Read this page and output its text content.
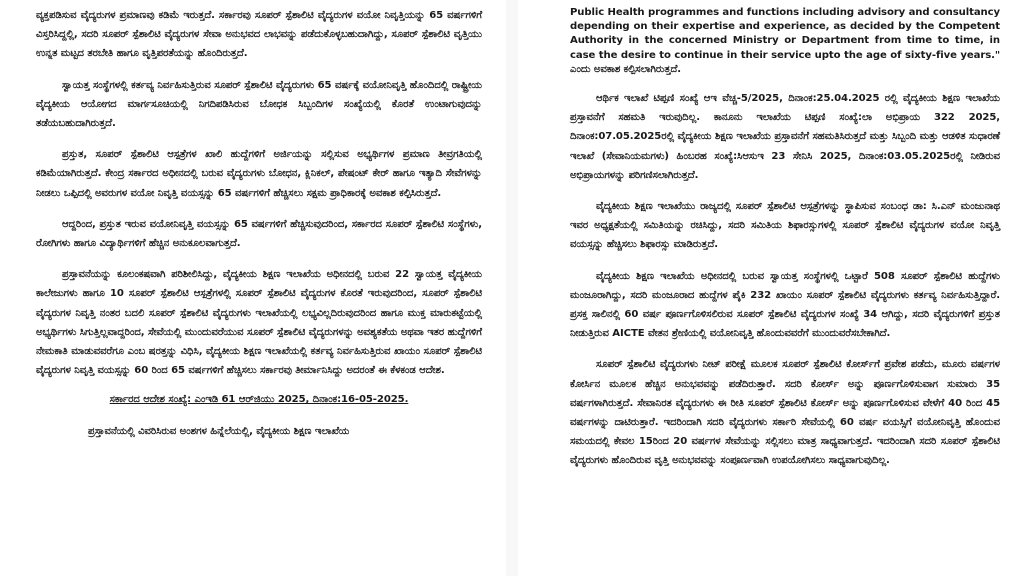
ವ್ಯಕ್ತಪಡಿಸುವ ವೈದ್ಯರುಗಳ ಪ್ರಮಾಣವು ಕಡಿಮೆ ಇರುತ್ತದೆ. ಸರ್ಕಾರವು ಸೂಪರ್ ಸ್ಪೆಶಾಲಿಟಿ ವೈದ್ಯರುಗಳ ವಯೋ ನಿವೃತ್ತಿಯನ್ನು 65 ವರ್ಷಗಳಿಗೆ ವಿಸ್ತರಿಸಿದ್ದಲ್ಲಿ, ಸದರಿ ಸೂಪರ್ ಸ್ಪೆಶಾಲಿಟಿ ವೈದ್ಯರುಗಳ ಸೇವಾ ಅನುಭವದ ಲಾಭವನ್ನು ಪಡೆದುಕೊಳ್ಳಬಹುದಾಗಿದ್ದು, ಸೂಪರ್ ಸ್ಪೆಶಾಲಿಟಿ ವೃತ್ತಿಯು ಉನ್ನತ ಮಟ್ಟದ ತರಬೇತಿ ಹಾಗೂ ವೃತ್ತಿಪರತೆಯನ್ನು ಹೊಂದಿರುತ್ತದೆ.

ಸ್ವಾಯತ್ತ ಸಂಸ್ಥೆಗಳಲ್ಲಿ ಕರ್ತವ್ಯ ನಿರ್ವಹಿಸುತ್ತಿರುವ ಸೂಪರ್ ಸ್ಪೆಶಾಲಿಟಿ ವೈದ್ಯರುಗಳು 65 ವರ್ಷಕ್ಕೆ ವಯೋನಿವೃತ್ತಿ ಹೊಂದಿದಲ್ಲಿ ರಾಷ್ಟ್ರೀಯ ವೈದ್ಯಕೀಯ ಆಯೋಗದ ಮಾರ್ಗಸೂಚಿಯಲ್ಲಿ ನಿಗದಿಪಡಿಸಿರುವ ಬೋಧಕ ಸಿಬ್ಬಂದಿಗಳ ಸಂಖ್ಯೆಯಲ್ಲಿ ಕೊರತೆ ಉಂಟಾಗುವುದನ್ನು ತಡೆಯಬಹುದಾಗಿರುತ್ತದೆ.

ಪ್ರಸ್ತುತ, ಸೂಪರ್ ಸ್ಪೆಶಾಲಿಟಿ ಆಸ್ಪತ್ರೆಗಳ ಖಾಲಿ ಹುದ್ದೆಗಳಿಗೆ ಅರ್ಜಿಯನ್ನು ಸಲ್ಲಿಸುವ ಅಭ್ಯರ್ಥಿಗಳ ಪ್ರಮಾಣ ತೀವ್ರಗತಿಯಲ್ಲಿ ಕಡಿಮೆಯಾಗಿರುತ್ತದೆ. ಕೇಂದ್ರ ಸರ್ಕಾರದ ಅಧೀನದಲ್ಲಿ ಬರುವ ವೈದ್ಯರುಗಳು ಬೋಧನ, ಕ್ಲಿನಿಕಲ್, ಪೇಷಂಟ್ ಕೇರ್ ಹಾಗೂ ಇತ್ಯಾದಿ ಸೇವೆಗಳನ್ನು ನೀಡಲು ಒಪ್ಪಿದಲ್ಲಿ ಅವರುಗಳ ವಯೋ ನಿವೃತ್ತಿ ವಯಸ್ಸನ್ನು 65 ವರ್ಷಗಳಿಗೆ ಹೆಚ್ಚಿಸಲು ಸಕ್ಷಮ ಪ್ರಾಧಿಕಾರಕ್ಕೆ ಅವಕಾಶ ಕಲ್ಪಿಸಿರುತ್ತದೆ.

ಆದ್ದರಿಂದ, ಪ್ರಸ್ತುತ ಇರುವ ವಯೋನಿವೃತ್ತಿ ವಯಸ್ಸನ್ನು 65 ವರ್ಷಗಳಿಗೆ ಹೆಚ್ಚಿಸುವುದರಿಂದ, ಸರ್ಕಾರದ ಸೂಪರ್ ಸ್ಪೆಶಾಲಿಟಿ ಸಂಸ್ಥೆಗಳು, ರೋಗಿಗಳು ಹಾಗೂ ವಿದ್ಯಾರ್ಥಿಗಳಿಗೆ ಹೆಚ್ಚಿನ ಅನುಕೂಲವಾಗುತ್ತದೆ.

ಪ್ರಸ್ತಾವನೆಯನ್ನು ಕೂಲಂಕಷವಾಗಿ ಪರಿಶೀಲಿಸಿದ್ದು, ವೈದ್ಯಕೀಯ ಶಿಕ್ಷಣ ಇಲಾಖೆಯ ಅಧೀನದಲ್ಲಿ ಬರುವ 22 ಸ್ವಾಯತ್ತ ವೈದ್ಯಕೀಯ ಕಾಲೇಜುಗಳು ಹಾಗೂ 10 ಸೂಪರ್ ಸ್ಪೆಶಾಲಿಟಿ ಆಸ್ಪತ್ರೆಗಳಲ್ಲಿ ಸೂಪರ್ ಸ್ಪೆಶಾಲಿಟಿ ವೈದ್ಯರುಗಳ ಕೊರತೆ ಇರುವುದರಿಂದ, ಸೂಪರ್ ಸ್ಪೆಶಾಲಿಟಿ ವೈದ್ಯರುಗಳ ನಿವೃತ್ತಿ ನಂತರ ಬದಲಿ ಸೂಪರ್ ಸ್ಪೆಶಾಲಿಟಿ ವೈದ್ಯರುಗಳು ಇಲಾಖೆಯಲ್ಲಿ ಲಭ್ಯವಿಲ್ಲದಿರುವುದರಿಂದ ಹಾಗೂ ಮುಕ್ತ ಮಾರುಕಟ್ಟೆಯಲ್ಲಿ ಅಭ್ಯರ್ಥಿಗಳು ಸಿಗುತ್ತಿಲ್ಲವಾದ್ದರಿಂದ, ಸೇವೆಯಲ್ಲಿ ಮುಂದುವರೆಯುವ ಸೂಪರ್ ಸ್ಪೆಶಾಲಿಟಿ ವೈದ್ಯರುಗಳನ್ನು ಅವಶ್ಯಕತೆಯ ಅಥವಾ ಇತರ ಹುದ್ದೆಗಳಿಗೆ ನೇಮಕಾತಿ ಮಾಡುವವರೆಗೂ ಎಂಬ ಷರತ್ತನ್ನು ವಿಧಿಸಿ, ವೈದ್ಯಕೀಯ ಶಿಕ್ಷಣ ಇಲಾಖೆಯಲ್ಲಿ ಕರ್ತವ್ಯ ನಿರ್ವಹಿಸುತ್ತಿರುವ ಖಾಯಂ ಸೂಪರ್ ಸ್ಪೆಶಾಲಿಟಿ ವೈದ್ಯರುಗಳ ನಿವೃತ್ತಿ ವಯಸ್ಸನ್ನು 60 ರಿಂದ 65 ವರ್ಷಗಳಿಗೆ ಹೆಚ್ಚಿಸಲು ಸರ್ಕಾರವು ತೀರ್ಮಾನಿಸಿದ್ದು ಅದರಂತೆ ಈ ಕೆಳಕಂಡ ಆದೇಶ.

ಸರ್ಕಾರದ ಆದೇಶ ಸಂಖ್ಯೆ: ಎಂಇಡಿ 61 ಆರ್‌ಜಿಯು 2025, ದಿನಾಂಕ:16-05-2025.

ಪ್ರಸ್ತಾವನೆಯಲ್ಲಿ ವಿವರಿಸಿರುವ ಅಂಶಗಳ ಹಿನ್ನೆಲೆಯಲ್ಲಿ, ವೈದ್ಯಕೀಯ ಶಿಕ್ಷಣ ಇಲಾಖೆಯ

Public Health programmes and functions including advisory and consultancy depending on their expertise and experience, as decided by the Competent Authority in the concerned Ministry or Department from time to time, in case the desire to continue in their service upto the age of sixty-five years." ಎಂದು ಅವಕಾಶ ಕಲ್ಪಿಸಲಾಗಿರುತ್ತದೆ.

ಆರ್ಥಿಕ ಇಲಾಖೆ ಟಿಪ್ಪಣಿ ಸಂಖ್ಯೆ ಆಇ ವೆಚ್ಚ-5/2025, ದಿನಾಂಕ:25.04.2025 ರಲ್ಲಿ ವೈದ್ಯಕೀಯ ಶಿಕ್ಷಣ ಇಲಾಖೆಯ ಪ್ರಸ್ತಾವನೆಗೆ ಸಹಮತಿ ಇರುವುದಿಲ್ಲ. ಕಾನೂನು ಇಲಾಖೆಯ ಟಿಪ್ಪಣಿ ಸಂಖ್ಯೆ:ಲಾ ಅಭಿಪ್ರಾಯ 322 2025, ದಿನಾಂಕ:07.05.2025ರಲ್ಲಿ ವೈದ್ಯಕೀಯ ಶಿಕ್ಷಣ ಇಲಾಖೆಯ ಪ್ರಸ್ತಾವನೆಗೆ ಸಹಮತಿಸಿರುತ್ತದೆ ಮತ್ತು ಸಿಬ್ಬಂದಿ ಮತ್ತು ಆಡಳಿತ ಸುಧಾರಣೆ ಇಲಾಖೆ (ಸೇವಾನಿಯಮಗಳು) ಹಿಂಬರಹ ಸಂಖ್ಯೆ:ಸಿಆಸುಇ 23 ಸೇನಿಸಿ 2025, ದಿನಾಂಕ:03.05.2025ರಲ್ಲಿ ನೀಡಿರುವ ಅಭಿಪ್ರಾಯಗಳನ್ನು ಪರಿಗಣಿಸಲಾಗಿರುತ್ತದೆ.

ವೈದ್ಯಕೀಯ ಶಿಕ್ಷಣ ಇಲಾಖೆಯು ರಾಜ್ಯದಲ್ಲಿ ಸೂಪರ್ ಸ್ಪೆಶಾಲಿಟಿ ಆಸ್ಪತ್ರೆಗಳನ್ನು ಸ್ಥಾಪಿಸುವ ಸಂಬಂಧ ಡಾ: ಸಿ.ಎನ್ ಮಂಜುನಾಥ ಇವರ ಅಧ್ಯಕ್ಷತೆಯಲ್ಲಿ ಸಮಿತಿಯನ್ನು ರಚಿಸಿದ್ದು, ಸದರಿ ಸಮಿತಿಯ ಶಿಫಾರಸ್ಸುಗಳಲ್ಲಿ ಸೂಪರ್ ಸ್ಪೆಶಾಲಿಟಿ ವೈದ್ಯರುಗಳ ವಯೋ ನಿವೃತ್ತಿ ವಯಸ್ಸನ್ನು ಹೆಚ್ಚಿಸಲು ಶಿಫಾರಸ್ಸು ಮಾಡಿರುತ್ತದೆ.

ವೈದ್ಯಕೀಯ ಶಿಕ್ಷಣ ಇಲಾಖೆಯ ಅಧೀನದಲ್ಲಿ ಬರುವ ಸ್ವಾಯತ್ತ ಸಂಸ್ಥೆಗಳಲ್ಲಿ ಒಟ್ಟಾರೆ 508 ಸೂಪರ್ ಸ್ಪೆಶಾಲಿಟಿ ಹುದ್ದೆಗಳು ಮಂಜೂರಾಗಿದ್ದು, ಸದರಿ ಮಂಜೂರಾದ ಹುದ್ದೆಗಳ ಪೈಕಿ 232 ಖಾಯಂ ಸೂಪರ್ ಸ್ಪೆಶಾಲಿಟಿ ವೈದ್ಯರುಗಳು ಕರ್ತವ್ಯ ನಿರ್ವಹಿಸುತ್ತಿದ್ದಾರೆ. ಪ್ರಸಕ್ತ ಸಾಲಿನಲ್ಲಿ 60 ವರ್ಷ ಪೂರ್ಣಗೊಳಿಸಲಿರುವ ಸೂಪರ್ ಸ್ಪೆಶಾಲಿಟಿ ವೈದ್ಯರುಗಳ ಸಂಖ್ಯೆ 34 ಆಗಿದ್ದು, ಸದರಿ ವೈದ್ಯರುಗಳಿಗೆ ಪ್ರಸ್ತುತ ನೀಡುತ್ತಿರುವ AICTE ವೇತನ ಶ್ರೇಣಿಯಲ್ಲಿ ವಯೋನಿವೃತ್ತಿ ಹೊಂದುವವರೆಗೆ ಮುಂದುವರೆಸಬೇಕಾಗಿದೆ.

ಸೂಪರ್ ಸ್ಪೆಶಾಲಿಟಿ ವೈದ್ಯರುಗಳು ನೀಟ್ ಪರೀಕ್ಷೆ ಮೂಲಕ ಸೂಪರ್ ಸ್ಪೆಶಾಲಿಟಿ ಕೋರ್ಸ್‌ಗೆ ಪ್ರವೇಶ ಪಡೆದು, ಮೂರು ವರ್ಷಗಳ ಕೋರ್ಸಿನ ಮೂಲಕ ಹೆಚ್ಚಿನ ಅನುಭವವನ್ನು ಪಡೆದಿರುತ್ತಾರೆ. ಸದರಿ ಕೋರ್ಸ್ ಅನ್ನು ಪೂರ್ಣಗೊಳಿಸುವಾಗ ಸುಮಾರು 35 ವರ್ಷಗಳಾಗಿರುತ್ತದೆ. ಸೇವಾನಿರತ ವೈದ್ಯರುಗಳು ಈ ರೀತಿ ಸೂಪರ್ ಸ್ಪೆಶಾಲಿಟಿ ಕೋರ್ಸ್ ಅನ್ನು ಪೂರ್ಣಗೊಳಿಸುವ ವೇಳೆಗೆ 40 ರಿಂದ 45 ವರ್ಷಗಳನ್ನು ದಾಟಿರುತ್ತಾರೆ. ಇದರಿಂದಾಗಿ ಸದರಿ ವೈದ್ಯರುಗಳು ಸರ್ಕಾರಿ ಸೇವೆಯಲ್ಲಿ 60 ವರ್ಷ ವಯಸ್ಸಿಗೆ ವಯೋನಿವೃತ್ತಿ ಹೊಂದುವ ಸಮಯದಲ್ಲಿ ಕೇವಲ 15ರಿಂದ 20 ವರ್ಷಗಳ ಸೇವೆಯನ್ನು ಸಲ್ಲಿಸಲು ಮಾತ್ರ ಸಾಧ್ಯವಾಗುತ್ತದೆ. ಇದರಿಂದಾಗಿ ಸದರಿ ಸೂಪರ್ ಸ್ಪೆಶಾಲಿಟಿ ವೈದ್ಯರುಗಳು ಹೊಂದಿರುವ ವೃತ್ತಿ ಅನುಭವವನ್ನು ಸಂಪೂರ್ಣವಾಗಿ ಉಪಯೋಗಿಸಲು ಸಾಧ್ಯವಾಗುವುದಿಲ್ಲ.
